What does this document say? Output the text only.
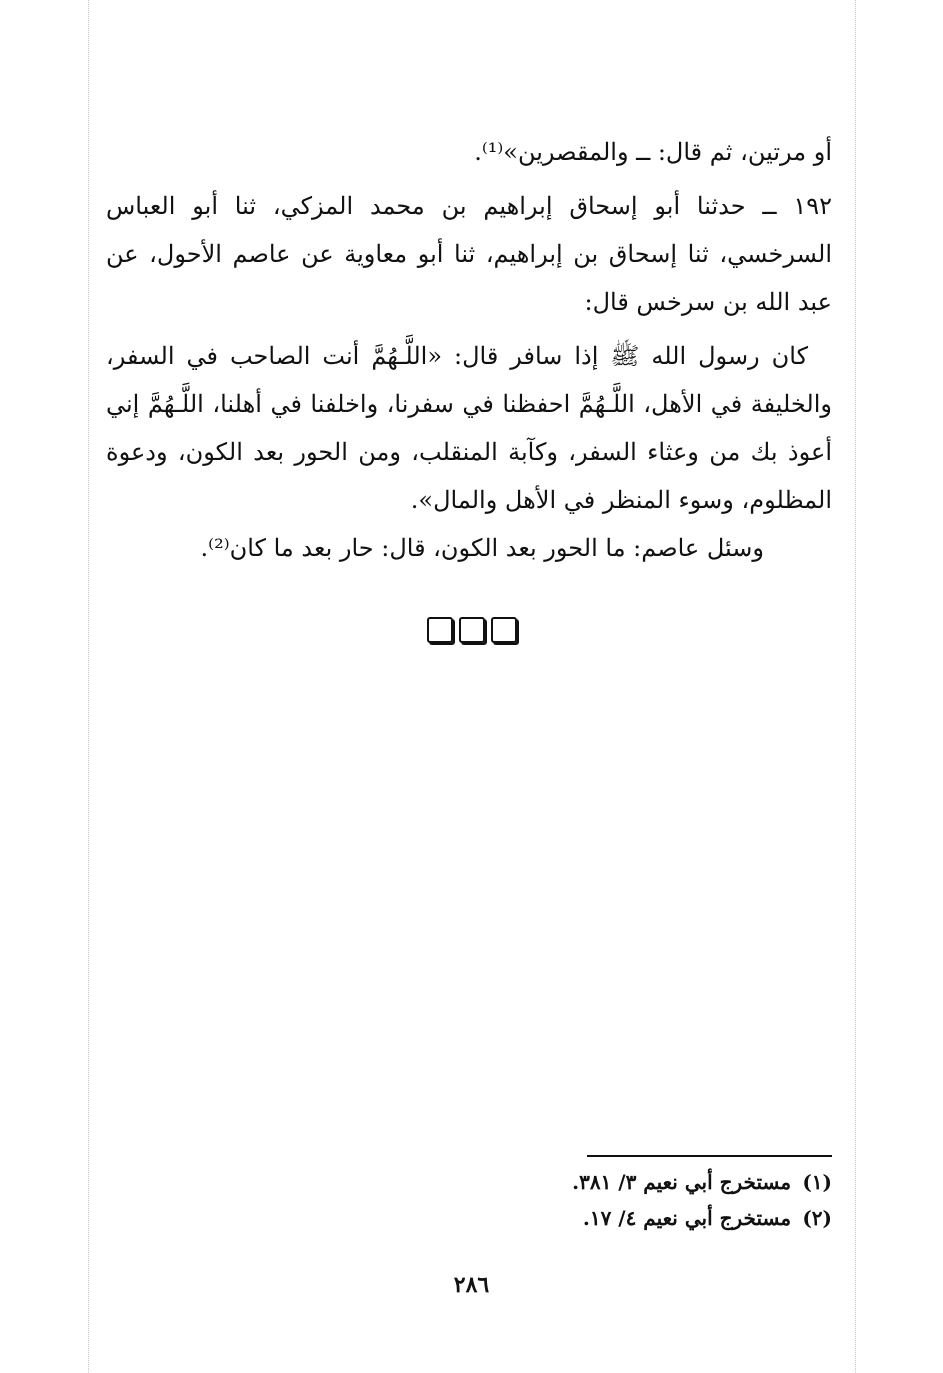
أو مرتين، ثم قال: ــ والمقصرين»⁽¹⁾.
١٩٢ ــ حدثنا أبو إسحاق إبراهيم بن محمد المزكي، ثنا أبو العباس
السرخسي، ثنا إسحاق بن إبراهيم، ثنا أبو معاوية عن عاصم الأحول، عن
عبد الله بن سرخس قال:
كان رسول الله ﷺ إذا سافر قال: «اللَّـهُمَّ أنت الصاحب في السفر،
والخليفة في الأهل، اللَّـهُمَّ احفظنا في سفرنا، واخلفنا في أهلنا، اللَّـهُمَّ إني
أعوذ بك من وعثاء السفر، وكآبة المنقلب، ومن الحور بعد الكون، ودعوة
المظلوم، وسوء المنظر في الأهل والمال».
وسئل عاصم: ما الحور بعد الكون، قال: حار بعد ما كان⁽²⁾.
(١) مستخرج أبي نعيم ٣/ ٣٨١.
(٢) مستخرج أبي نعيم ٤/ ١٧.
٢٨٦
